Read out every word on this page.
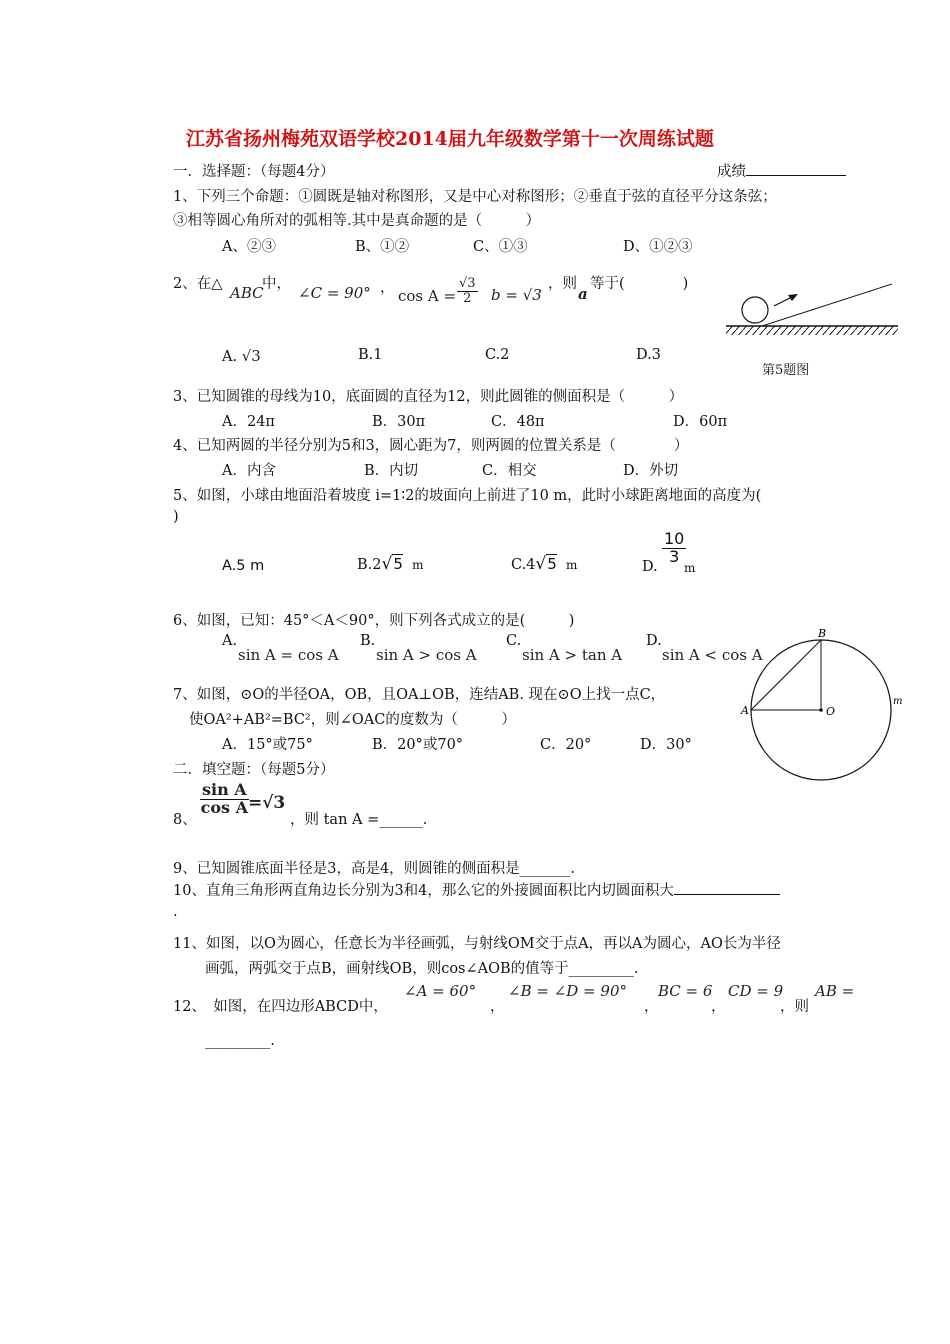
江苏省扬州梅苑双语学校2014届九年级数学第十一次周练试题
一．选择题：（每题4分）	成绩
1、下列三个命题：①圆既是轴对称图形，又是中心对称图形；②垂直于弦的直径平分这条弦；
③相等圆心角所对的弧相等.其中是真命题的是（　　　）
A、②③	B、①②	C、①③	D、①②③
2、在△ ABC
中， ∠C = 90° ， $\cos A = \frac{√3}{2}$ b = √3
，则
a
等于(　　　　)
A. √3	B.1	C.2	D.3
第5题图
3、已知圆锥的母线为10，底面圆的直径为12，则此圆锥的侧面积是（　　　）
A．24π	B．30π	C．48π	D．60π
4、已知两圆的半径分别为5和3，圆心距为7，则两圆的位置关系是（　　　　）
A．内含	B．内切	C．相交	D．外切
5、如图，小球由地面沿着坡度 i=1∶2的坡面向上前进了10 m，此时小球距离地面的高度为(
)
A.5 m	B.2√5 m	C.4√5 m	D.
$\frac{10}{3}$
m
6、如图，已知：45°＜A＜90°，则下列各式成立的是(　　　)
A.
sin A = cos A
B.
sin A > cos A
C.
sin A > tan A
D.
sin A < cos A
7、如图，⊙O的半径OA，OB，且OA⊥OB，连结AB. 现在⊙O上找一点C，
使OA²+AB²=BC²，则∠OAC的度数为（　　　）
A．15°或75°	B．20°或70°	C．20°	D．30°
A
B
O
m
二．填空题：（每题5分）
8、
$\frac{\text{sin A}}{\text{cos A}} =√3$
，则 tan A =______.
9、已知圆锥底面半径是3，高是4，则圆锥的侧面积是_______.
10、直角三角形两直角边长分别为3和4，那么它的外接圆面积比内切圆面积大
.
11、如图，以O为圆心，任意长为半径画弧，与射线OM交于点A，再以A为圆心，AO长为半径
画弧，两弧交于点B，画射线OB，则cos∠AOB的值等于_________.
12、　如图，在四边形ABCD中，
∠A = 60°
，
∠B = ∠D = 90°
，
BC = 6
，
CD = 9
，则
AB =
_________.
